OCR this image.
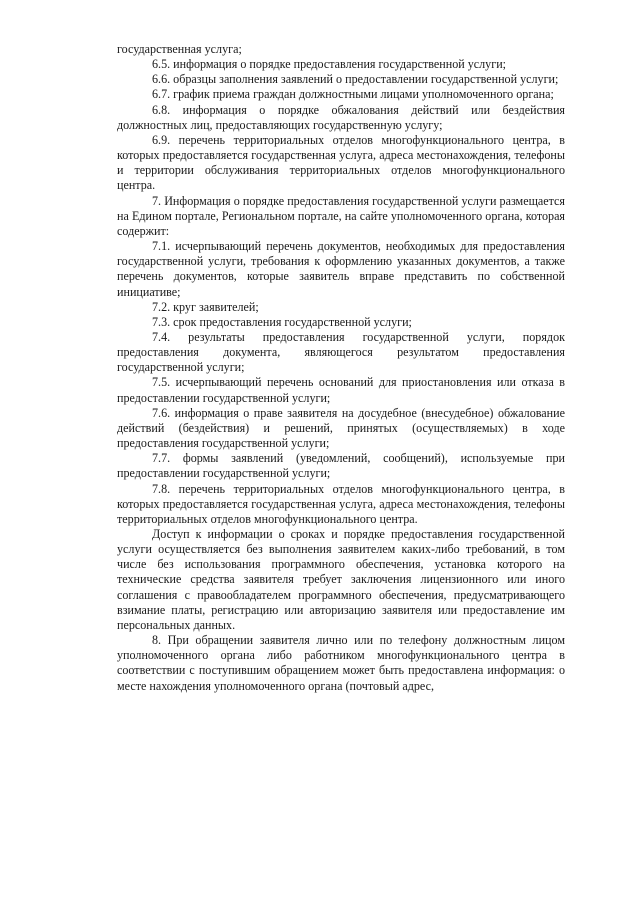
государственная услуга;

6.5. информация о порядке предоставления государственной услуги;

6.6. образцы заполнения заявлений о предоставлении государственной услуги;

6.7. график приема граждан должностными лицами уполномоченного органа;

6.8. информация о порядке обжалования действий или бездействия должностных лиц, предоставляющих государственную услугу;

6.9. перечень территориальных отделов многофункционального центра, в которых предоставляется государственная услуга, адреса местонахождения, телефоны и территории обслуживания территориальных отделов многофункционального центра.

7. Информация о порядке предоставления государственной услуги размещается на Едином портале, Региональном портале, на сайте уполномоченного органа, которая содержит:

7.1. исчерпывающий перечень документов, необходимых для предоставления государственной услуги, требования к оформлению указанных документов, а также перечень документов, которые заявитель вправе представить по собственной инициативе;

7.2. круг заявителей;

7.3. срок предоставления государственной услуги;

7.4. результаты предоставления государственной услуги, порядок предоставления документа, являющегося результатом предоставления государственной услуги;

7.5. исчерпывающий перечень оснований для приостановления или отказа в предоставлении государственной услуги;

7.6. информация о праве заявителя на досудебное (внесудебное) обжалование действий (бездействия) и решений, принятых (осуществляемых) в ходе предоставления государственной услуги;

7.7. формы заявлений (уведомлений, сообщений), используемые при предоставлении государственной услуги;

7.8. перечень территориальных отделов многофункционального центра, в которых предоставляется государственная услуга, адреса местонахождения, телефоны территориальных отделов многофункционального центра.

Доступ к информации о сроках и порядке предоставления государственной услуги осуществляется без выполнения заявителем каких-либо требований, в том числе без использования программного обеспечения, установка которого на технические средства заявителя требует заключения лицензионного или иного соглашения с правообладателем программного обеспечения, предусматривающего взимание платы, регистрацию или авторизацию заявителя или предоставление им персональных данных.

8. При обращении заявителя лично или по телефону должностным лицом уполномоченного органа либо работником многофункционального центра в соответствии с поступившим обращением может быть предоставлена информация: о месте нахождения уполномоченного органа (почтовый адрес,
